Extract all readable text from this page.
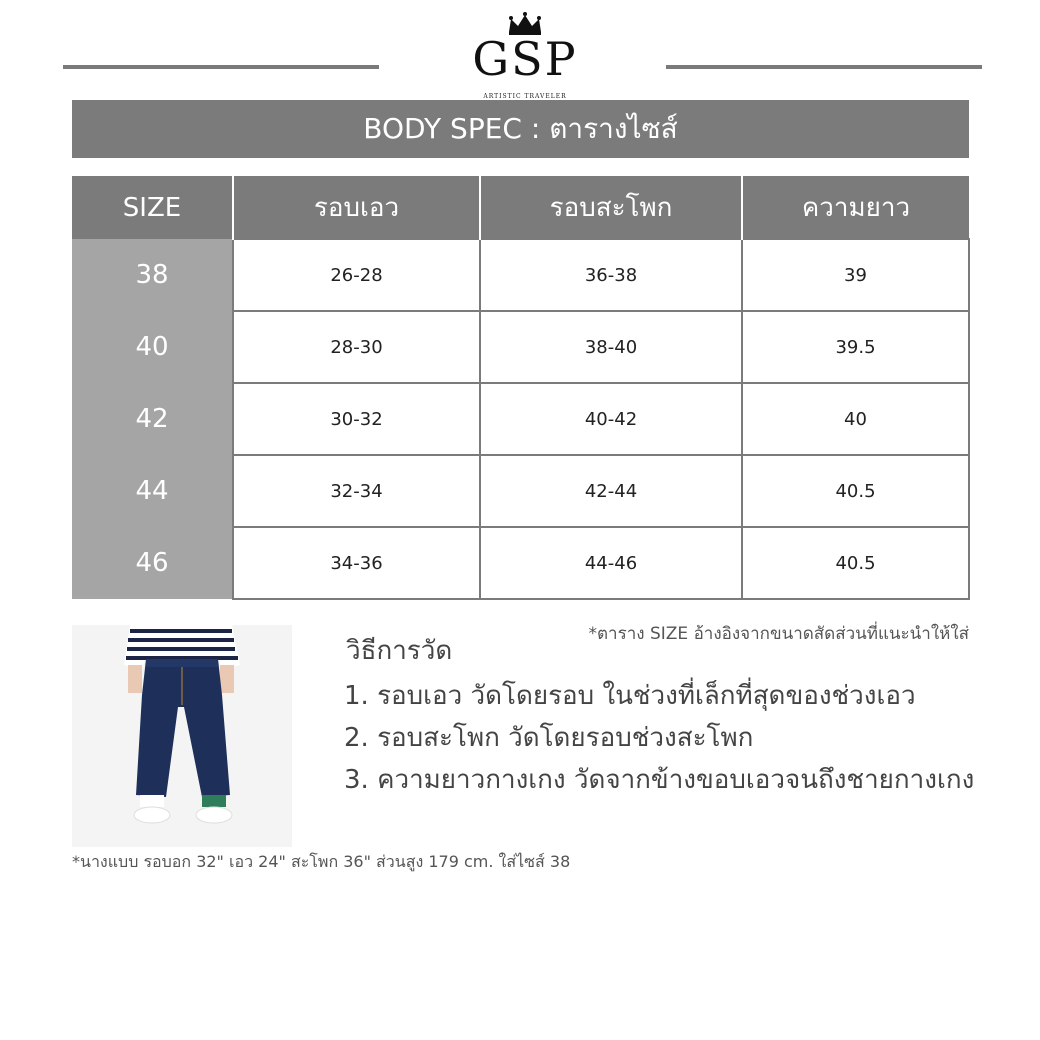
GSP
ARTISTIC TRAVELER
BODY SPEC : ตารางไซส์
SIZE	รอบเอว	รอบสะโพก	ความยาว
38	26-28	36-38	39
40	28-30	38-40	39.5
42	30-32	40-42	40
44	32-34	42-44	40.5
46	34-36	44-46	40.5
*ตาราง SIZE อ้างอิงจากขนาดสัดส่วนที่แนะนำให้ใส่
วิธีการวัด
1. รอบเอว วัดโดยรอบ ในช่วงที่เล็กที่สุดของช่วงเอว
2. รอบสะโพก วัดโดยรอบช่วงสะโพก
3. ความยาวกางเกง วัดจากข้างขอบเอวจนถึงชายกางเกง
*นางแบบ รอบอก 32" เอว 24" สะโพก 36" ส่วนสูง 179 cm. ใส่ไซส์ 38
